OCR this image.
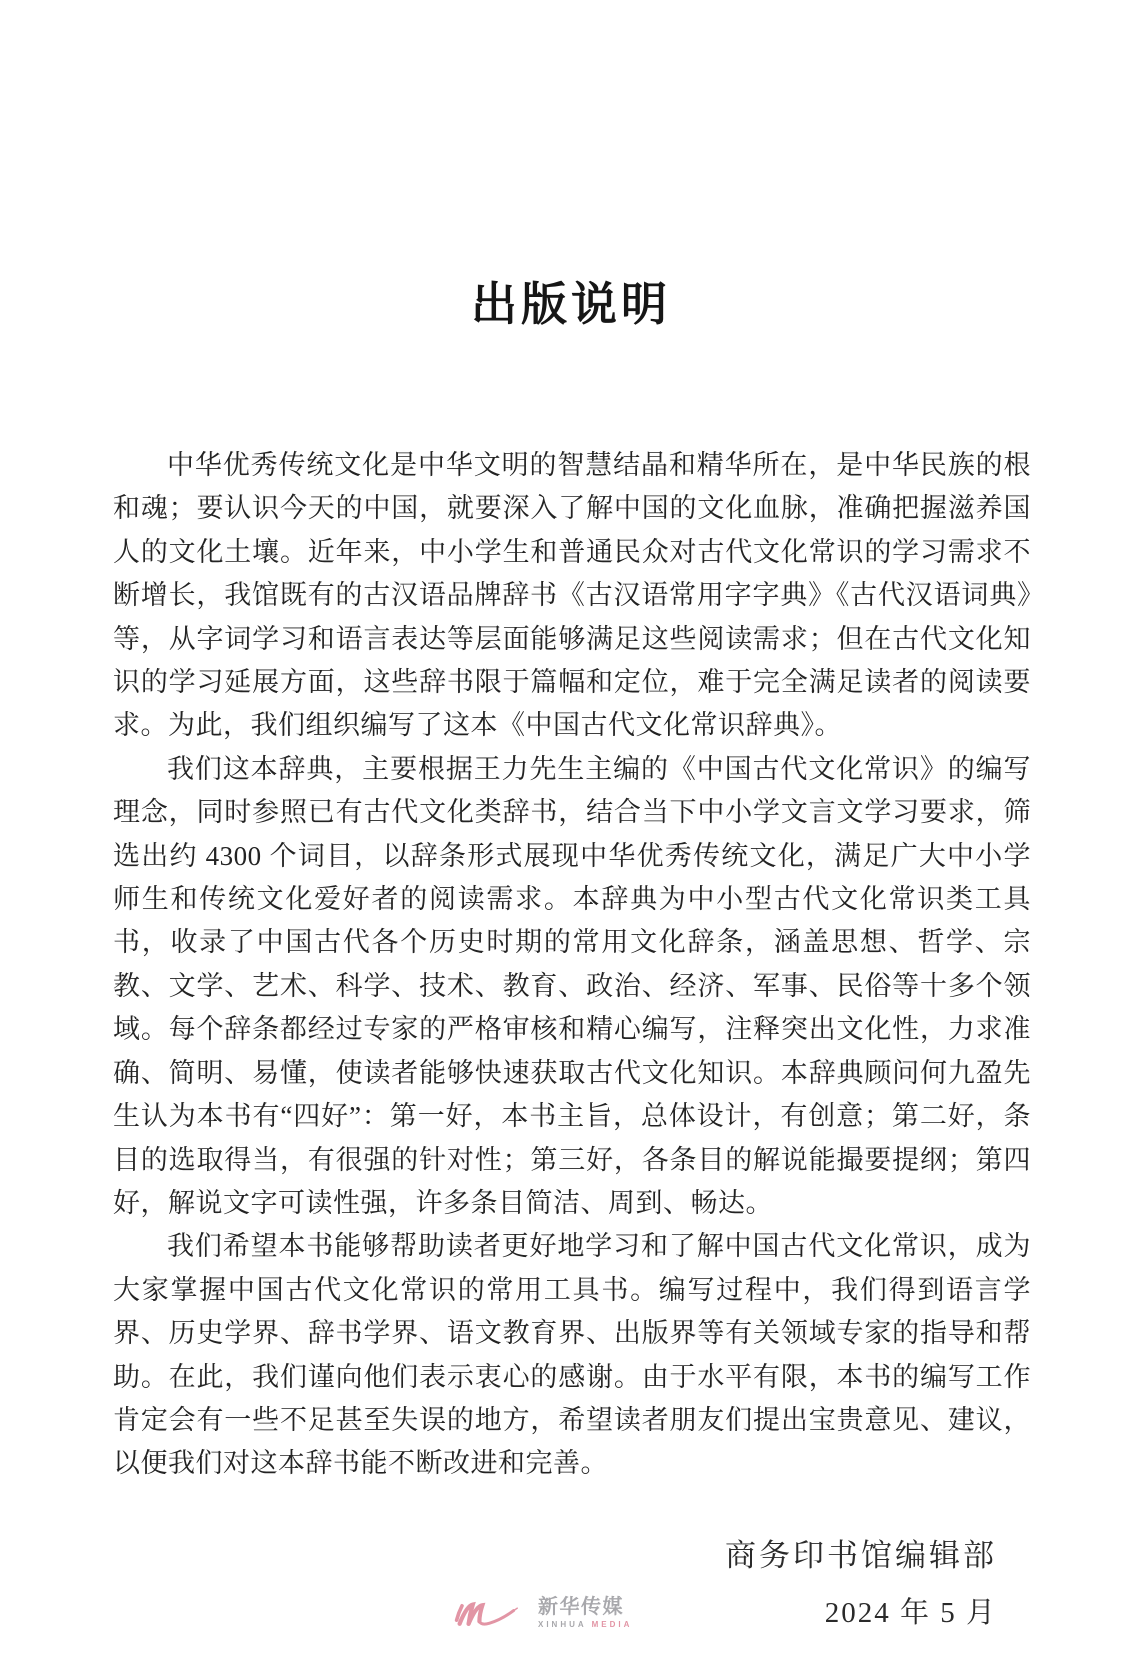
出版说明

中华优秀传统文化是中华文明的智慧结晶和精华所在，是中华民族的根和魂；要认识今天的中国，就要深入了解中国的文化血脉，准确把握滋养国人的文化土壤。近年来，中小学生和普通民众对古代文化常识的学习需求不断增长，我馆既有的古汉语品牌辞书《古汉语常用字字典》《古代汉语词典》等，从字词学习和语言表达等层面能够满足这些阅读需求；但在古代文化知识的学习延展方面，这些辞书限于篇幅和定位，难于完全满足读者的阅读要求。为此，我们组织编写了这本《中国古代文化常识辞典》。

我们这本辞典，主要根据王力先生主编的《中国古代文化常识》的编写理念，同时参照已有古代文化类辞书，结合当下中小学文言文学习要求，筛选出约 4300 个词目，以辞条形式展现中华优秀传统文化，满足广大中小学师生和传统文化爱好者的阅读需求。本辞典为中小型古代文化常识类工具书，收录了中国古代各个历史时期的常用文化辞条，涵盖思想、哲学、宗教、文学、艺术、科学、技术、教育、政治、经济、军事、民俗等十多个领域。每个辞条都经过专家的严格审核和精心编写，注释突出文化性，力求准确、简明、易懂，使读者能够快速获取古代文化知识。本辞典顾问何九盈先生认为本书有“四好”：第一好，本书主旨，总体设计，有创意；第二好，条目的选取得当，有很强的针对性；第三好，各条目的解说能撮要提纲；第四好，解说文字可读性强，许多条目简洁、周到、畅达。

我们希望本书能够帮助读者更好地学习和了解中国古代文化常识，成为大家掌握中国古代文化常识的常用工具书。编写过程中，我们得到语言学界、历史学界、辞书学界、语文教育界、出版界等有关领域专家的指导和帮助。在此，我们谨向他们表示衷心的感谢。由于水平有限，本书的编写工作肯定会有一些不足甚至失误的地方，希望读者朋友们提出宝贵意见、建议，以便我们对这本辞书能不断改进和完善。

商务印书馆编辑部
2024 年 5 月
新华传媒
XINHUA MEDIA
